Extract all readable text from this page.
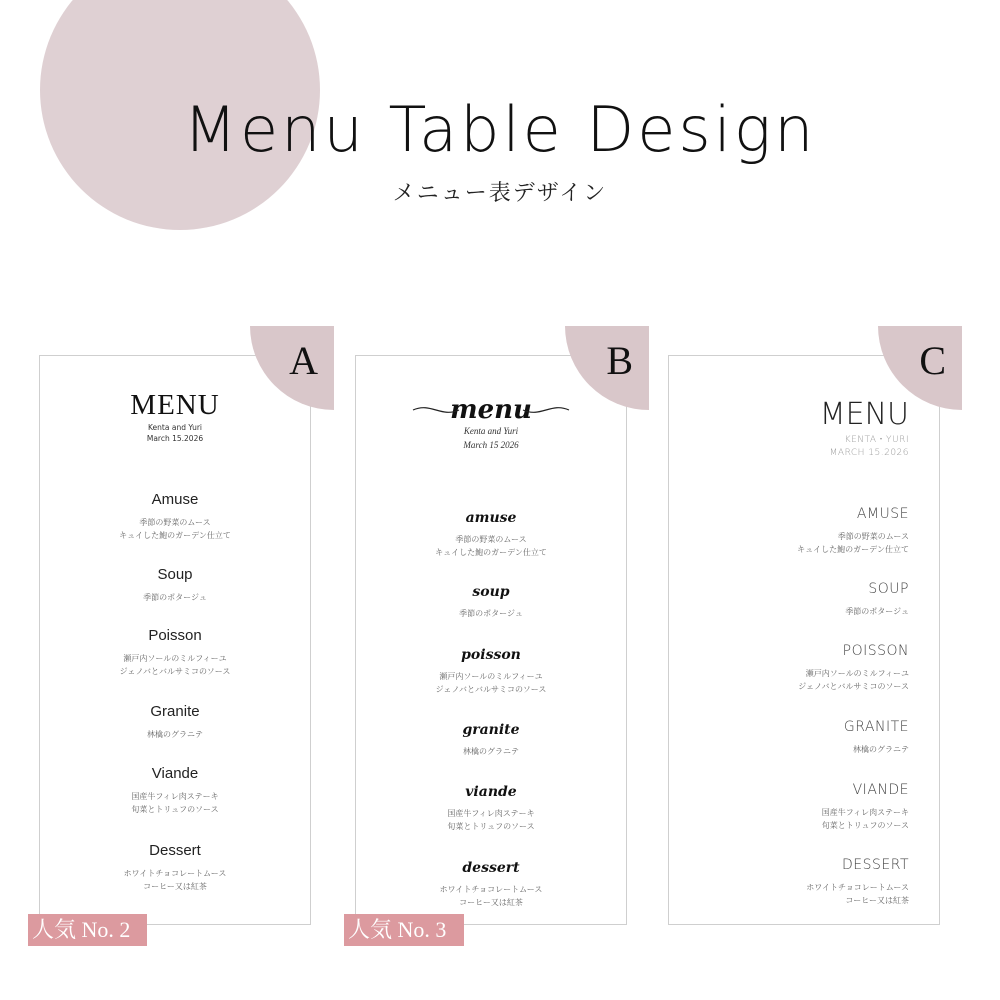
Menu Table Design

メニュー表デザイン

MENU
Kenta and Yuri
March 15.2026
Amuse
季節の野菜のムース
キュイした鮑のガーデン仕立て
Soup
季節のポタージュ
Poisson
瀬戸内ソールのミルフィーユ
ジェノバとバルサミコのソース
Granite
林檎のグラニテ
Viande
国産牛フィレ肉ステーキ
旬菜とトリュフのソース
Dessert
ホワイトチョコレートムース
コーヒー又は紅茶
A
人気 No. 2
menu
Kenta and Yuri
March 15 2026
amuse
季節の野菜のムース
キュイした鮑のガーデン仕立て
soup
季節のポタージュ
poisson
瀬戸内ソールのミルフィーユ
ジェノバとバルサミコのソース
granite
林檎のグラニテ
viande
国産牛フィレ肉ステーキ
旬菜とトリュフのソース
dessert
ホワイトチョコレートムース
コーヒー又は紅茶
B
人気 No. 3
MENU
KENTA・YURI
MARCH 15.2026
AMUSE
季節の野菜のムース
キュイした鮑のガーデン仕立て
SOUP
季節のポタージュ
POISSON
瀬戸内ソールのミルフィーユ
ジェノバとバルサミコのソース
GRANITE
林檎のグラニテ
VIANDE
国産牛フィレ肉ステーキ
旬菜とトリュフのソース
DESSERT
ホワイトチョコレートムース
コーヒー又は紅茶
C
